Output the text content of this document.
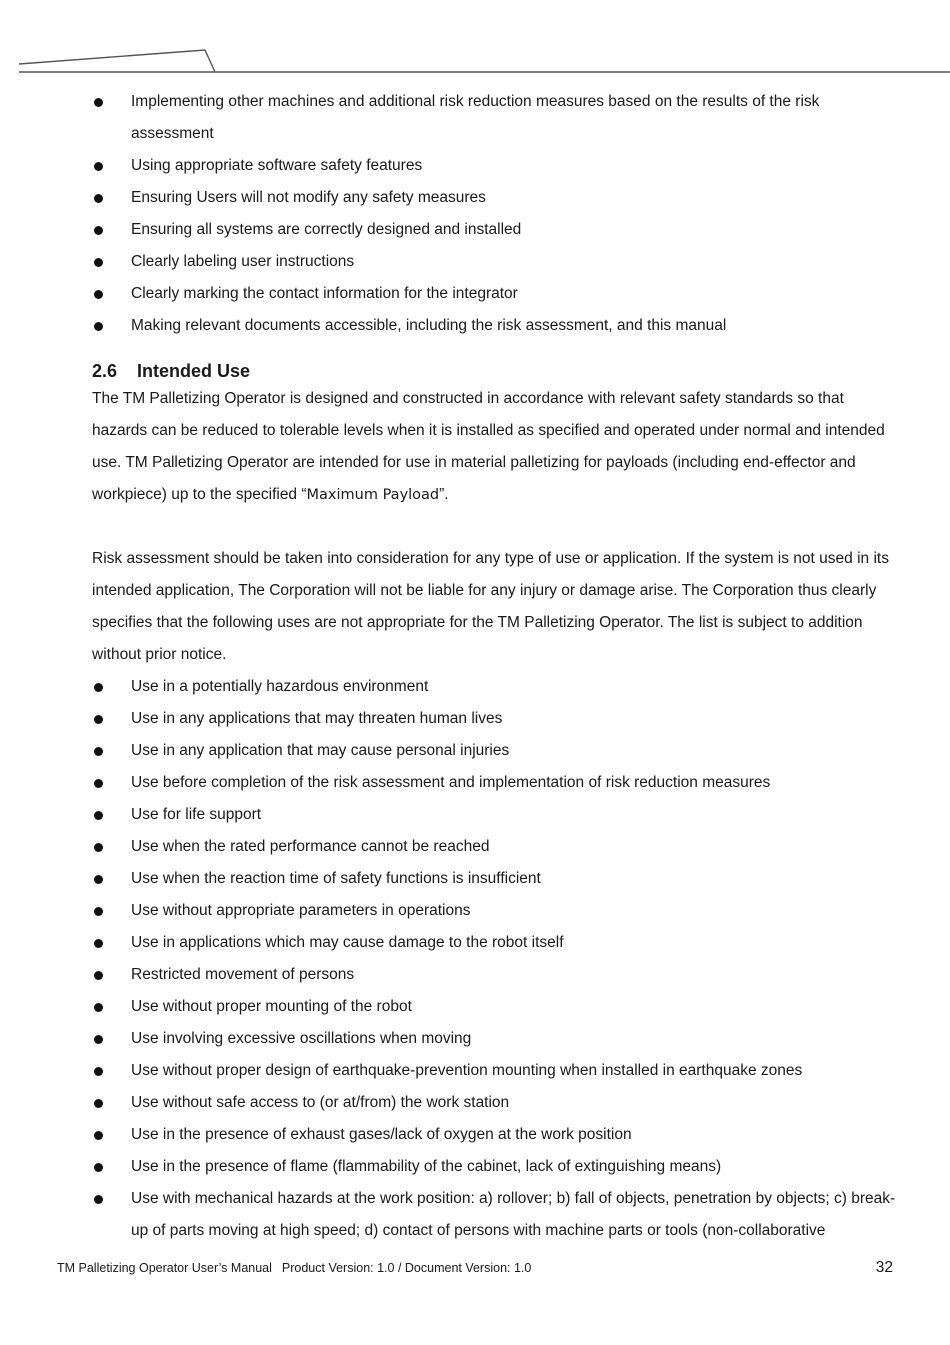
Implementing other machines and additional risk reduction measures based on the results of the risk assessment
Using appropriate software safety features
Ensuring Users will not modify any safety measures
Ensuring all systems are correctly designed and installed
Clearly labeling user instructions
Clearly marking the contact information for the integrator
Making relevant documents accessible, including the risk assessment, and this manual
2.6 Intended Use

The TM Palletizing Operator is designed and constructed in accordance with relevant safety standards so that hazards can be reduced to tolerable levels when it is installed as specified and operated under normal and intended use. TM Palletizing Operator are intended for use in material palletizing for payloads (including end-effector and workpiece) up to the specified “Maximum Payload”.

Risk assessment should be taken into consideration for any type of use or application. If the system is not used in its intended application, The Corporation will not be liable for any injury or damage arise. The Corporation thus clearly specifies that the following uses are not appropriate for the TM Palletizing Operator. The list is subject to addition without prior notice.

Use in a potentially hazardous environment
Use in any applications that may threaten human lives
Use in any application that may cause personal injuries
Use before completion of the risk assessment and implementation of risk reduction measures
Use for life support
Use when the rated performance cannot be reached
Use when the reaction time of safety functions is insufficient
Use without appropriate parameters in operations
Use in applications which may cause damage to the robot itself
Restricted movement of persons
Use without proper mounting of the robot
Use involving excessive oscillations when moving
Use without proper design of earthquake-prevention mounting when installed in earthquake zones
Use without safe access to (or at/from) the work station
Use in the presence of exhaust gases/lack of oxygen at the work position
Use in the presence of flame (flammability of the cabinet, lack of extinguishing means)
Use with mechanical hazards at the work position: a) rollover; b) fall of objects, penetration by objects; c) break-up of parts moving at high speed; d) contact of persons with machine parts or tools (non-collaborative
TM Palletizing Operator User’s Manual Product Version: 1.0 / Document Version: 1.0	32
